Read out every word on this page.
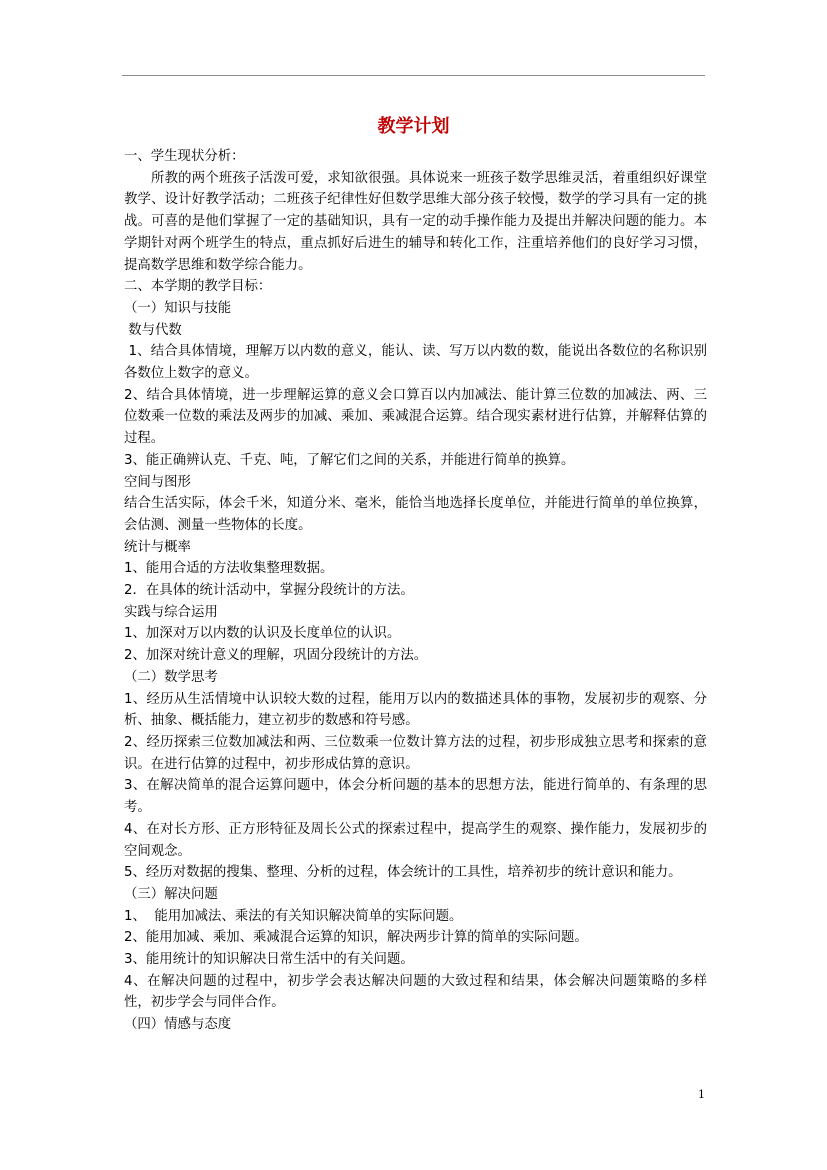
教学计划

一、学生现状分析：

所教的两个班孩子活泼可爱，求知欲很强。具体说来一班孩子数学思维灵活，着重组织好课堂教学、设计好教学活动；二班孩子纪律性好但数学思维大部分孩子较慢，数学的学习具有一定的挑战。可喜的是他们掌握了一定的基础知识，具有一定的动手操作能力及提出并解决问题的能力。本学期针对两个班学生的特点，重点抓好后进生的辅导和转化工作，注重培养他们的良好学习习惯，提高数学思维和数学综合能力。

二、本学期的教学目标：

（一）知识与技能

数与代数

1、结合具体情境，理解万以内数的意义，能认、读、写万以内数的数，能说出各数位的名称识别各数位上数字的意义。

2、结合具体情境，进一步理解运算的意义会口算百以内加减法、能计算三位数的加减法、两、三位数乘一位数的乘法及两步的加减、乘加、乘减混合运算。结合现实素材进行估算，并解释估算的过程。

3、能正确辨认克、千克、吨，了解它们之间的关系，并能进行简单的换算。

空间与图形

结合生活实际，体会千米，知道分米、毫米，能恰当地选择长度单位，并能进行简单的单位换算，会估测、测量一些物体的长度。

统计与概率

1、能用合适的方法收集整理数据。

2．在具体的统计活动中，掌握分段统计的方法。

实践与综合运用

1、加深对万以内数的认识及长度单位的认识。

2、加深对统计意义的理解，巩固分段统计的方法。

（二）数学思考

1、经历从生活情境中认识较大数的过程，能用万以内的数描述具体的事物，发展初步的观察、分析、抽象、概括能力，建立初步的数感和符号感。

2、经历探索三位数加减法和两、三位数乘一位数计算方法的过程，初步形成独立思考和探索的意识。在进行估算的过程中，初步形成估算的意识。

3、在解决简单的混合运算问题中，体会分析问题的基本的思想方法，能进行简单的、有条理的思考。

4、在对长方形、正方形特征及周长公式的探索过程中，提高学生的观察、操作能力，发展初步的空间观念。

5、经历对数据的搜集、整理、分析的过程，体会统计的工具性，培养初步的统计意识和能力。

（三）解决问题

1、  能用加减法、乘法的有关知识解决简单的实际问题。

2、能用加减、乘加、乘减混合运算的知识，解决两步计算的简单的实际问题。

3、能用统计的知识解决日常生活中的有关问题。

4、在解决问题的过程中，初步学会表达解决问题的大致过程和结果，体会解决问题策略的多样性，初步学会与同伴合作。

（四）情感与态度

1
